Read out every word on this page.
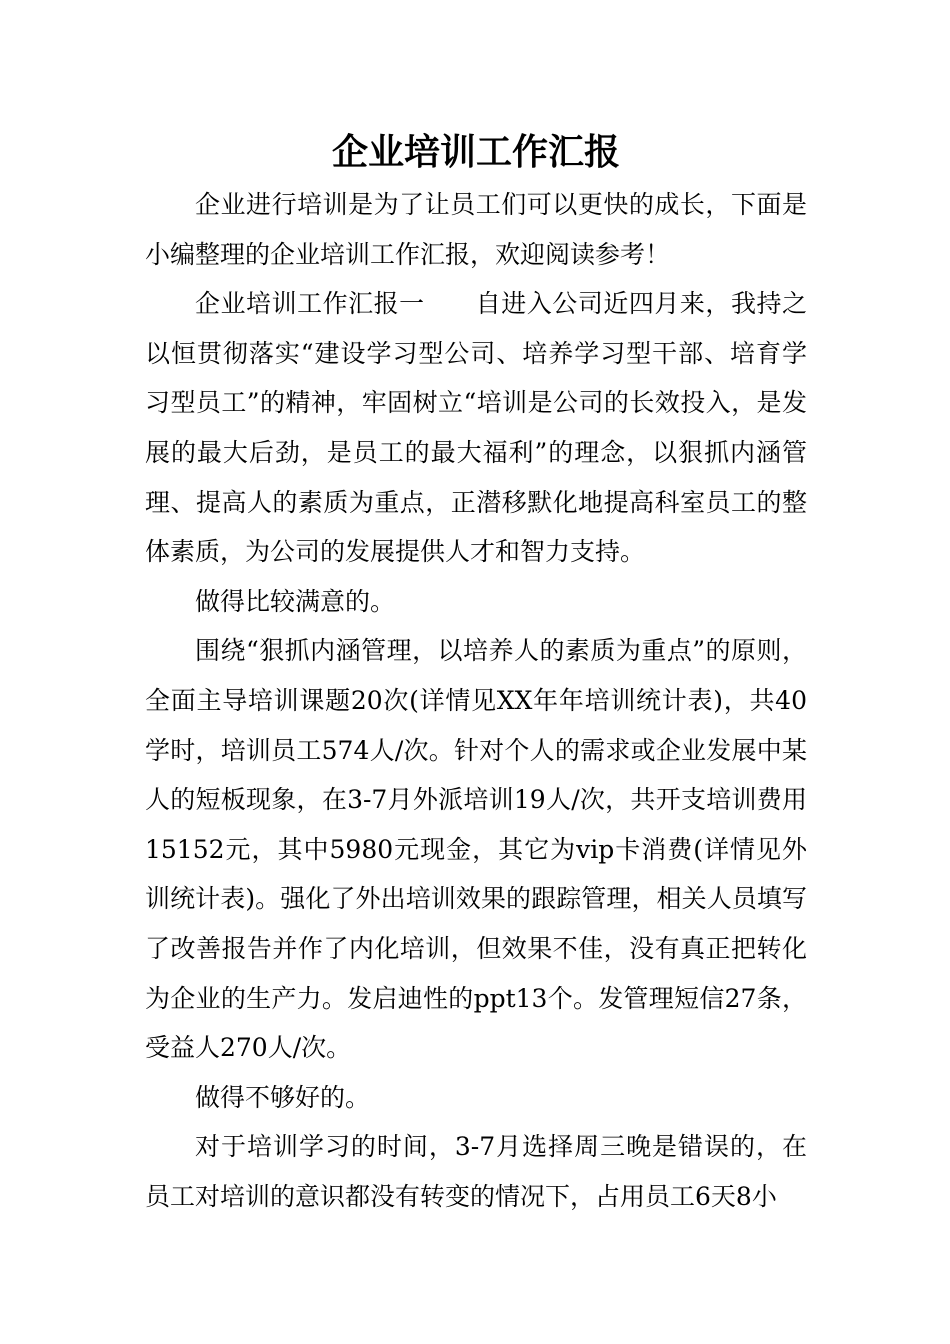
企业培训工作汇报

企业进行培训是为了让员工们可以更快的成长，下面是小编整理的企业培训工作汇报，欢迎阅读参考！

企业培训工作汇报一　　自进入公司近四月来，我持之以恒贯彻落实“建设学习型公司、培养学习型干部、培育学习型员工”的精神，牢固树立“培训是公司的长效投入，是发展的最大后劲，是员工的最大福利”的理念，以狠抓内涵管理、提高人的素质为重点，正潜移默化地提高科室员工的整体素质，为公司的发展提供人才和智力支持。

做得比较满意的。

围绕“狠抓内涵管理，以培养人的素质为重点”的原则，全面主导培训课题20次(详情见XX年年培训统计表)，共40学时，培训员工574人/次。针对个人的需求或企业发展中某人的短板现象，在3-7月外派培训19人/次，共开支培训费用15152元，其中5980元现金，其它为vip卡消费(详情见外训统计表)。强化了外出培训效果的跟踪管理，相关人员填写了改善报告并作了内化培训，但效果不佳，没有真正把转化为企业的生产力。发启迪性的ppt13个。发管理短信27条，受益人270人/次。

做得不够好的。

对于培训学习的时间，3-7月选择周三晚是错误的，在员工对培训的意识都没有转变的情况下，占用员工6天8小
